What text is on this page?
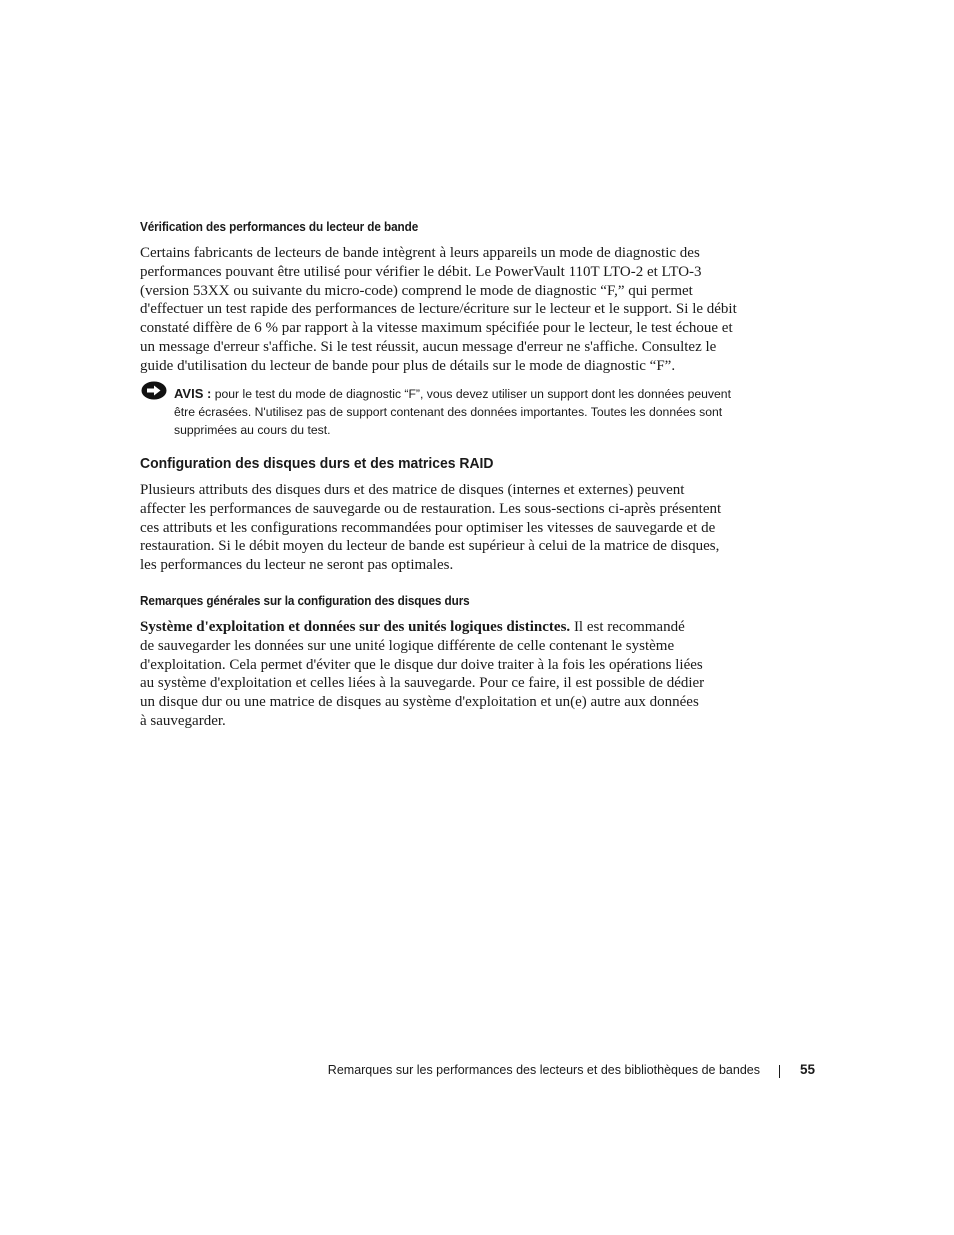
Vérification des performances du lecteur de bande
Certains fabricants de lecteurs de bande intègrent à leurs appareils un mode de diagnostic des
performances pouvant être utilisé pour vérifier le débit. Le PowerVault 110T LTO-2 et LTO-3
(version 53XX ou suivante du micro-code) comprend le mode de diagnostic “F,” qui permet
d'effectuer un test rapide des performances de lecture/écriture sur le lecteur et le support. Si le débit
constaté diffère de 6 % par rapport à la vitesse maximum spécifiée pour le lecteur, le test échoue et
un message d'erreur s'affiche. Si le test réussit, aucun message d'erreur ne s'affiche. Consultez le
guide d'utilisation du lecteur de bande pour plus de détails sur le mode de diagnostic “F”.
AVIS : pour le test du mode de diagnostic “F”, vous devez utiliser un support dont les données peuvent
être écrasées. N'utilisez pas de support contenant des données importantes. Toutes les données sont
supprimées au cours du test.
Configuration des disques durs et des matrices RAID
Plusieurs attributs des disques durs et des matrice de disques (internes et externes) peuvent
affecter les performances de sauvegarde ou de restauration. Les sous-sections ci-après présentent
ces attributs et les configurations recommandées pour optimiser les vitesses de sauvegarde et de
restauration. Si le débit moyen du lecteur de bande est supérieur à celui de la matrice de disques,
les performances du lecteur ne seront pas optimales.
Remarques générales sur la configuration des disques durs
Système d'exploitation et données sur des unités logiques distinctes. Il est recommandé
de sauvegarder les données sur une unité logique différente de celle contenant le système
d'exploitation. Cela permet d'éviter que le disque dur doive traiter à la fois les opérations liées
au système d'exploitation et celles liées à la sauvegarde. Pour ce faire, il est possible de dédier
un disque dur ou une matrice de disques au système d'exploitation et un(e) autre aux données
à sauvegarder.
Remarques sur les performances des lecteurs et des bibliothèques de bandes	55
